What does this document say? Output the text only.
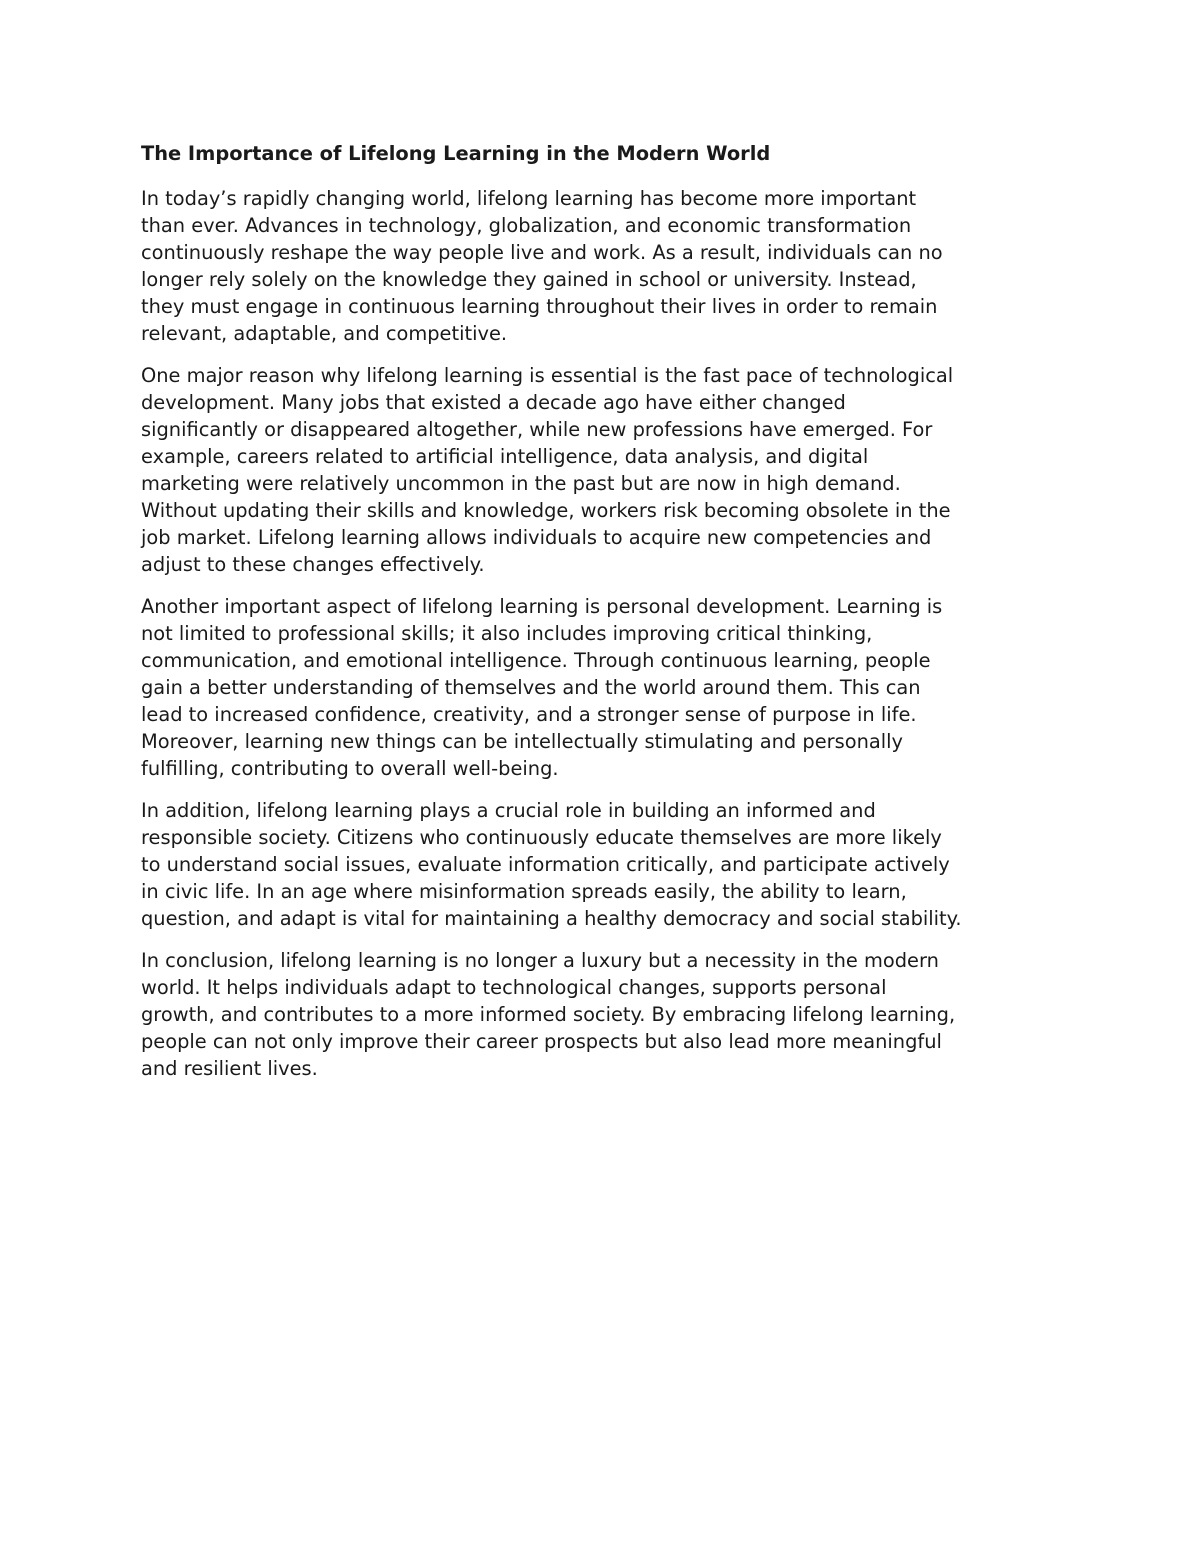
The Importance of Lifelong Learning in the Modern World
In today’s rapidly changing world, lifelong learning has become more important
than ever. Advances in technology, globalization, and economic transformation
continuously reshape the way people live and work. As a result, individuals can no
longer rely solely on the knowledge they gained in school or university. Instead,
they must engage in continuous learning throughout their lives in order to remain
relevant, adaptable, and competitive.
One major reason why lifelong learning is essential is the fast pace of technological
development. Many jobs that existed a decade ago have either changed
significantly or disappeared altogether, while new professions have emerged. For
example, careers related to artificial intelligence, data analysis, and digital
marketing were relatively uncommon in the past but are now in high demand.
Without updating their skills and knowledge, workers risk becoming obsolete in the
job market. Lifelong learning allows individuals to acquire new competencies and
adjust to these changes effectively.
Another important aspect of lifelong learning is personal development. Learning is
not limited to professional skills; it also includes improving critical thinking,
communication, and emotional intelligence. Through continuous learning, people
gain a better understanding of themselves and the world around them. This can
lead to increased confidence, creativity, and a stronger sense of purpose in life.
Moreover, learning new things can be intellectually stimulating and personally
fulfilling, contributing to overall well-being.
In addition, lifelong learning plays a crucial role in building an informed and
responsible society. Citizens who continuously educate themselves are more likely
to understand social issues, evaluate information critically, and participate actively
in civic life. In an age where misinformation spreads easily, the ability to learn,
question, and adapt is vital for maintaining a healthy democracy and social stability.
In conclusion, lifelong learning is no longer a luxury but a necessity in the modern
world. It helps individuals adapt to technological changes, supports personal
growth, and contributes to a more informed society. By embracing lifelong learning,
people can not only improve their career prospects but also lead more meaningful
and resilient lives.
